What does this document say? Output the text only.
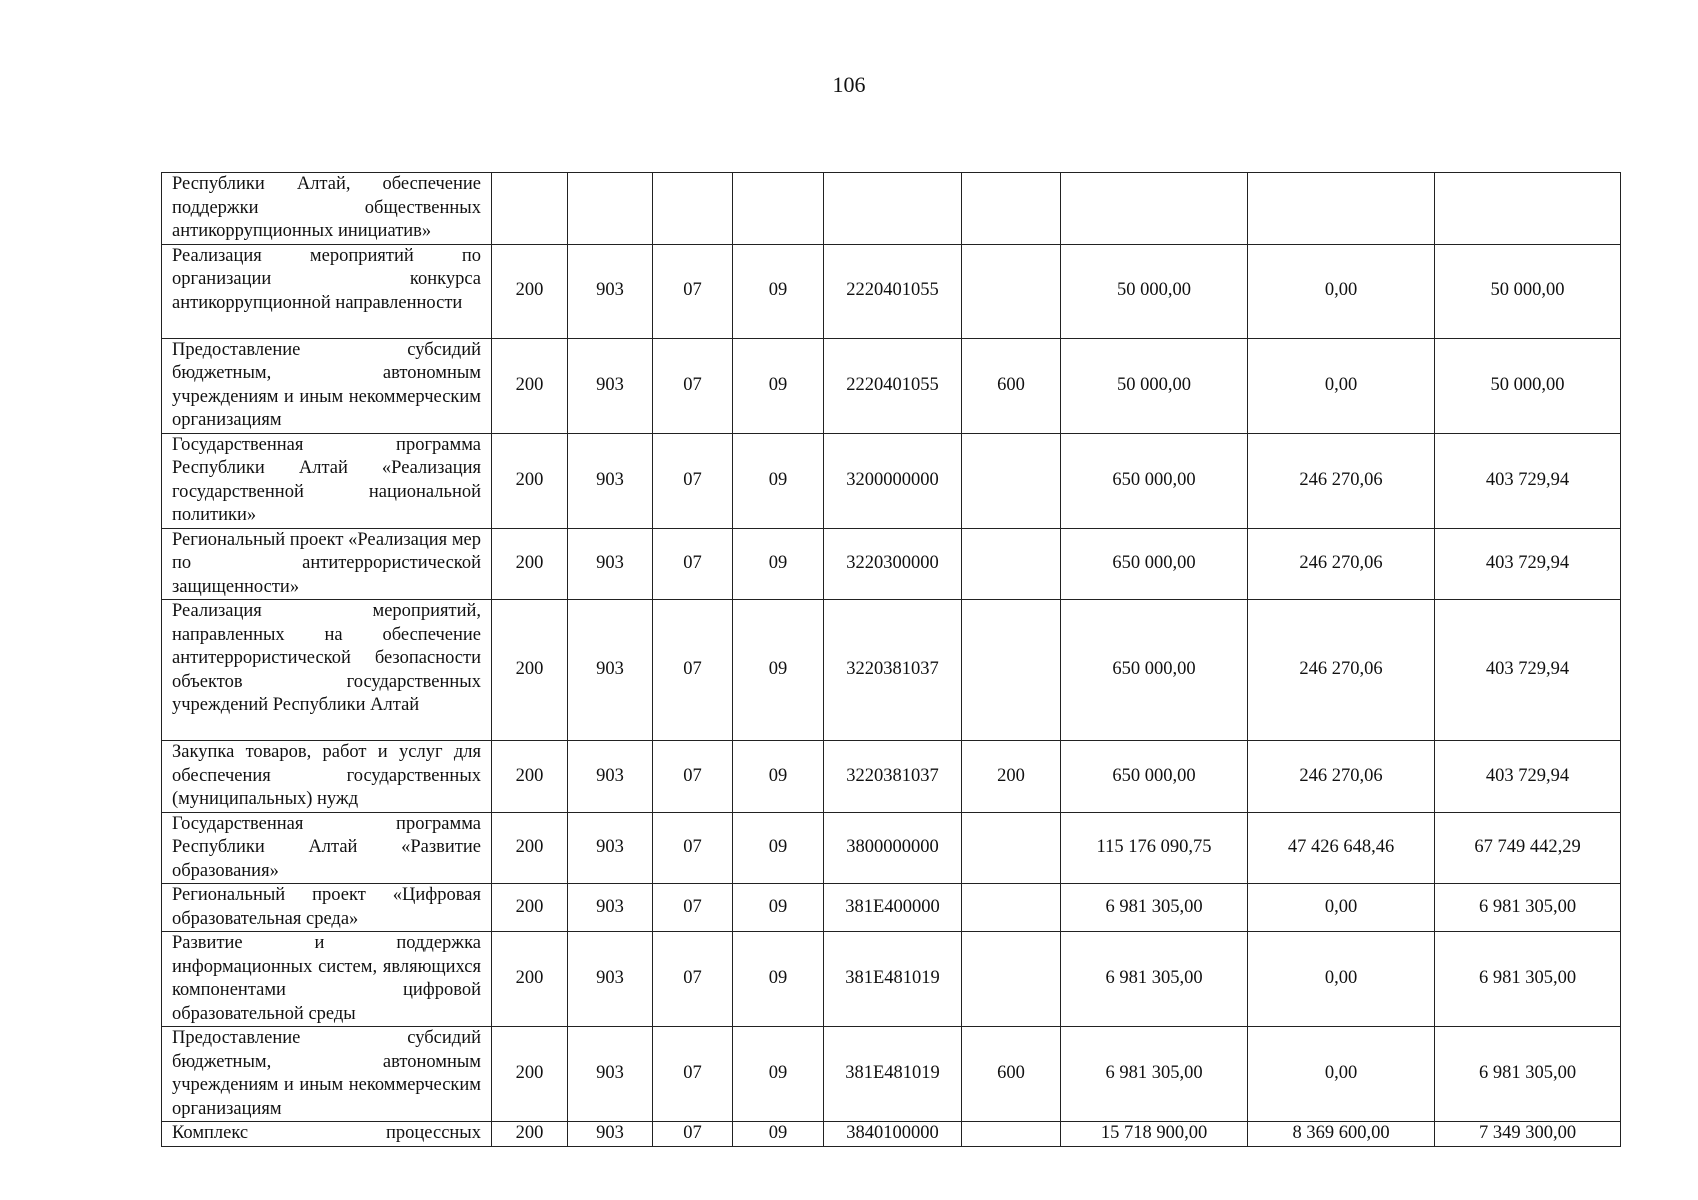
106
Республики Алтай, обеспечение поддержки общественных антикоррупционных инициатив»									
Реализация мероприятий по организации конкурса антикоррупционной направленности	200	903	07	09	2220401055		50 000,00	0,00	50 000,00
Предоставление субсидий бюджетным, автономным учреждениям и иным некоммерческим организациям	200	903	07	09	2220401055	600	50 000,00	0,00	50 000,00
Государственная программа Республики Алтай «Реализация государственной национальной политики»	200	903	07	09	3200000000		650 000,00	246 270,06	403 729,94
Региональный проект «Реализация мер по антитеррористической защищенности»	200	903	07	09	3220300000		650 000,00	246 270,06	403 729,94
Реализация мероприятий, направленных на обеспечение антитеррористической безопасности объектов государственных учреждений Республики Алтай	200	903	07	09	3220381037		650 000,00	246 270,06	403 729,94
Закупка товаров, работ и услуг для обеспечения государственных (муниципальных) нужд	200	903	07	09	3220381037	200	650 000,00	246 270,06	403 729,94
Государственная программа Республики Алтай «Развитие образования»	200	903	07	09	3800000000		115 176 090,75	47 426 648,46	67 749 442,29
Региональный проект «Цифровая образовательная среда»	200	903	07	09	381E400000		6 981 305,00	0,00	6 981 305,00
Развитие и поддержка информационных систем, являющихся компонентами цифровой образовательной среды	200	903	07	09	381E481019		6 981 305,00	0,00	6 981 305,00
Предоставление субсидий бюджетным, автономным учреждениям и иным некоммерческим организациям	200	903	07	09	381E481019	600	6 981 305,00	0,00	6 981 305,00
Комплекс процессных	200	903	07	09	3840100000		15 718 900,00	8 369 600,00	7 349 300,00
